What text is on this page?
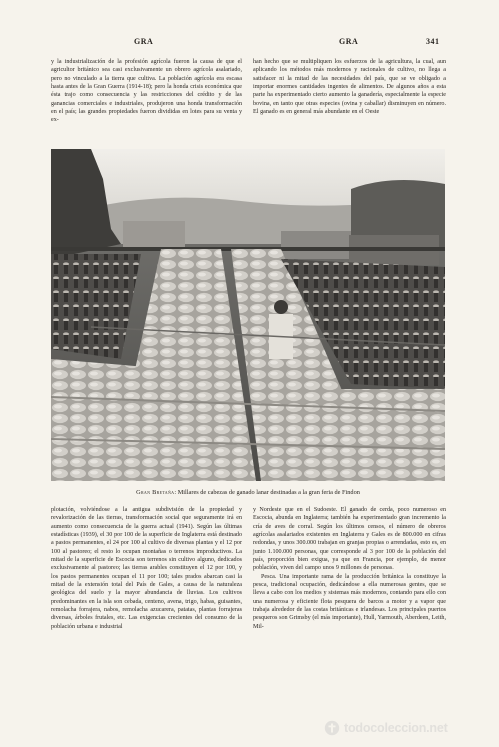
GRA	GRA	341

y la industrialización de la profesión agrícola fueron la causa de que el agricultor británico sea casi exclusivamente un obrero agrícola asalariado, pero no vinculado a la tierra que cultiva. La población agrícola era escasa hasta antes de la Gran Guerra (1914-18); pero la honda crisis económica que ésta trajo como consecuencia y las restricciones del crédito y de las ganancias comerciales e industriales, produjeron una honda transformación en el país; las grandes propiedades fueron divididas en lotes para su venta y ex-

han hecho que se multipliquen los esfuerzos de la agricultura, la cual, aun aplicando los métodos más modernos y racionales de cultivo, no llega a satisfacer ni la mitad de las necesidades del país, que se ve obligado a importar enormes cantidades ingentes de alimentos. De algunos años a esta parte ha experimentado cierto aumento la ganadería, especialmente la especie bovina, en tanto que otras especies (ovina y caballar) disminuyen en número. El ganado es en general más abundante en el Oeste

Gran Bretaña: Millares de cabezas de ganado lanar destinadas a la gran feria de Findon

plotación, volviéndose a la antigua subdivisión de la propiedad y revalorización de las tierras, transformación social que seguramente irá en aumento como consecuencia de la guerra actual (1941). Según las últimas estadísticas (1939), el 30 por 100 de la superficie de Inglaterra está destinado a pastos permanentes, el 24 por 100 al cultivo de diversas plantas y el 12 por 100 al pastoreo; el resto lo ocupan montañas o terrenos improductivos. La mitad de la superficie de Escocia son terrenos sin cultivo alguno, dedicados exclusivamente al pastoreo; las tierras arables constituyen el 12 por 100, y los pastos permanentes ocupan el 11 por 100; tales prados abarcan casi la mitad de la extensión total del País de Gales, a causa de la naturaleza geológica del suelo y la mayor abundancia de lluvias. Los cultivos predominantes en la isla son cebada, centeno, avena, trigo, habas, guisantes, remolacha forrajera, nabos, remolacha azucarera, patatas, plantas forrajeras diversas, árboles frutales, etc. Las exigencias crecientes del consumo de la población urbana e industrial

y Nordeste que en el Sudoeste. El ganado de cerda, poco numeroso en Escocia, abunda en Inglaterra; también ha experimentado gran incremento la cría de aves de corral. Según los últimos censos, el número de obreros agrícolas asalariados existentes en Inglaterra y Gales es de 800.000 en cifras redondas, y unos 300.000 trabajan en granjas propias o arrendadas, esto es, en junto 1.100.000 personas, que corresponde al 3 por 100 de la población del país, proporción bien exigua, ya que en Francia, por ejemplo, de menor población, viven del campo unos 9 millones de personas.

Pesca. Una importante rama de la producción británica la constituye la pesca, tradicional ocupación, dedicándose a ella numerosas gentes, que se lleva a cabo con los medios y sistemas más modernos, contando para ello con una numerosa y eficiente flota pesquera de barcos a motor y a vapor que trabaja alrededor de las costas británicas e irlandesas. Los principales puertos pesqueros son Grimsby (el más importante), Hull, Yarmouth, Aberdeen, Leith, Mil-

todocoleccion.net
